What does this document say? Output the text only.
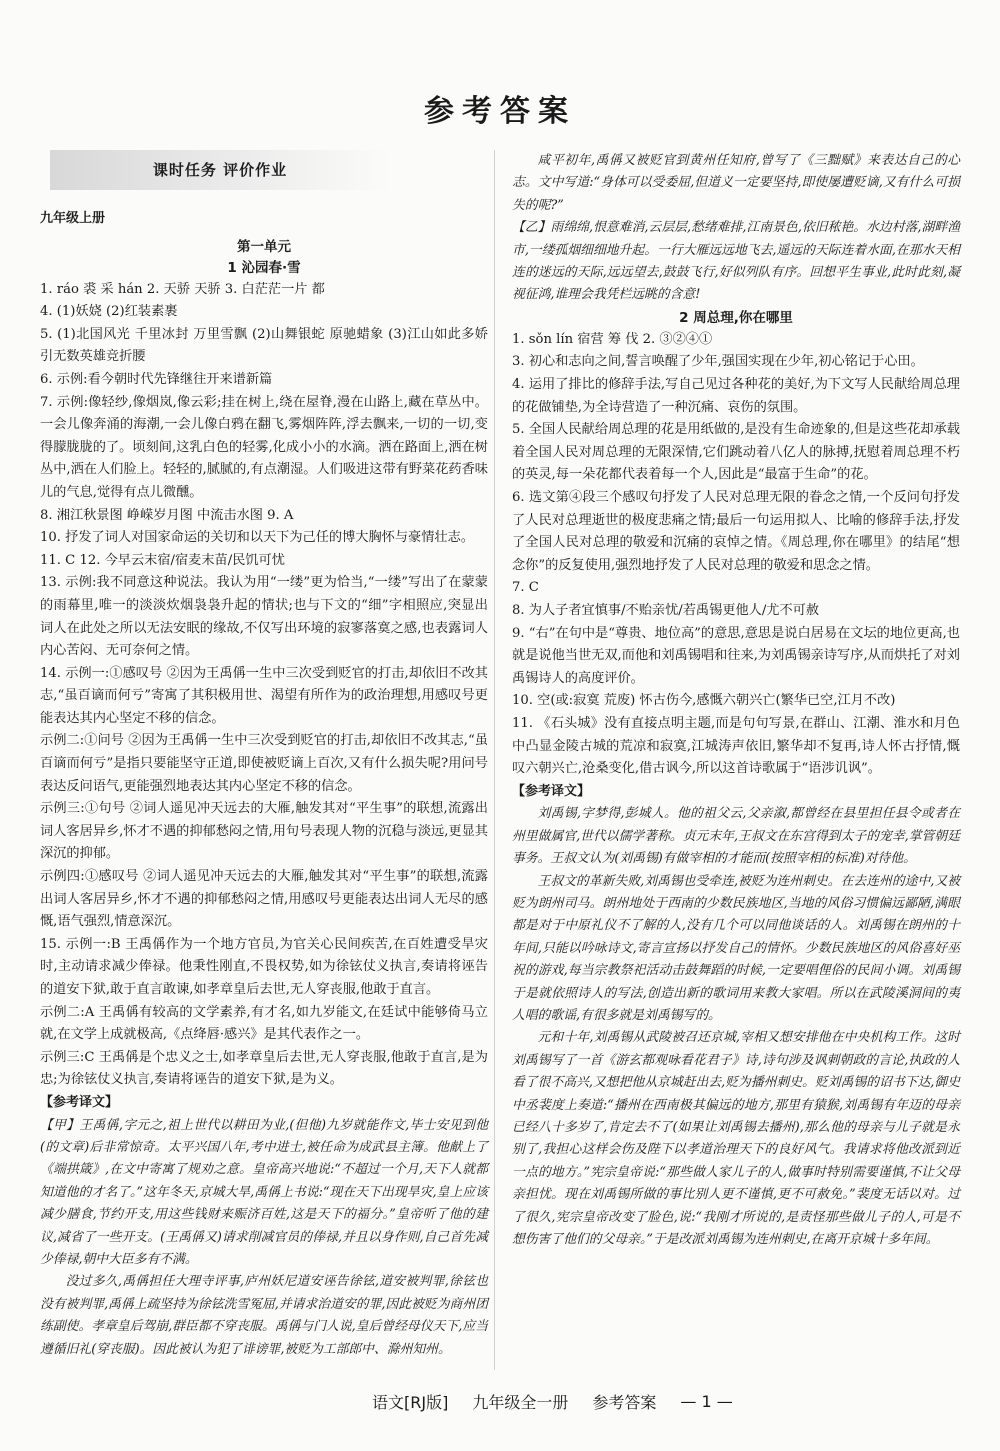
参考答案
课时任务 评价作业
九年级上册
第一单元
1 沁园春·雪
1. ráo 裘 采 hán 2. 天骄 天骄 3. 白茫茫一片 都
4. (1)妖娆 (2)红装素裹
5. (1)北国风光 千里冰封 万里雪飘 (2)山舞银蛇 原驰蜡象 (3)江山如此多娇 引无数英雄竞折腰
6. 示例:看今朝时代先锋继往开来谱新篇
7. 示例:像轻纱,像烟岚,像云彩;挂在树上,绕在屋脊,漫在山路上,藏在草丛中。一会儿像奔涌的海潮,一会儿像白鸦在翻飞,雾烟阵阵,浮去飘来,一切的一切,变得朦胧胧的了。顷刻间,这乳白色的轻雾,化成小小的水滴。洒在路面上,洒在树丛中,洒在人们脸上。轻轻的,腻腻的,有点潮湿。人们吸进这带有野菜花药香味儿的气息,觉得有点儿微醺。
8. 湘江秋景图 峥嵘岁月图 中流击水图 9. A
10. 抒发了词人对国家命运的关切和以天下为己任的博大胸怀与豪情壮志。
11. C 12. 今早云末宿/宿麦末苗/民饥可忧
13. 示例:我不同意这种说法。我认为用“一缕”更为恰当,“一缕”写出了在蒙蒙的雨幕里,唯一的淡淡炊烟袅袅升起的情状;也与下文的“细”字相照应,突显出词人在此处之所以无法安眠的缘故,不仅写出环境的寂寥落寞之感,也表露词人内心苦闷、无可奈何之情。
14. 示例一:①感叹号 ②因为王禹偁一生中三次受到贬官的打击,却依旧不改其志,“虽百谪而何亏”寄寓了其积极用世、渴望有所作为的政治理想,用感叹号更能表达其内心坚定不移的信念。
示例二:①问号 ②因为王禹偁一生中三次受到贬官的打击,却依旧不改其志,“虽百谪而何亏”是指只要能坚守正道,即使被贬谪上百次,又有什么损失呢?用问号表达反问语气,更能强烈地表达其内心坚定不移的信念。
示例三:①句号 ②词人遥见冲天远去的大雁,触发其对“平生事”的联想,流露出词人客居异乡,怀才不遇的抑郁愁闷之情,用句号表现人物的沉稳与淡远,更显其深沉的抑郁。
示例四:①感叹号 ②词人遥见冲天远去的大雁,触发其对“平生事”的联想,流露出词人客居异乡,怀才不遇的抑郁愁闷之情,用感叹号更能表达出词人无尽的感慨,语气强烈,情意深沉。
15. 示例一:B 王禹偁作为一个地方官员,为官关心民间疾苦,在百姓遭受旱灾时,主动请求减少俸禄。他秉性刚直,不畏权势,如为徐铉仗义执言,奏请将诬告的道安下狱,敢于直言敢谏,如孝章皇后去世,无人穿丧服,他敢于直言。
示例二:A 王禹偁有较高的文学素养,有才名,如九岁能文,在廷试中能够倚马立就,在文学上成就极高,《点绛唇·感兴》是其代表作之一。
示例三:C 王禹偁是个忠义之士,如孝章皇后去世,无人穿丧服,他敢于直言,是为忠;为徐铉仗义执言,奏请将诬告的道安下狱,是为义。
【参考译文】
【甲】王禹偁,字元之,祖上世代以耕田为业,(但他)九岁就能作文,毕士安见到他(的文章)后非常惊奇。太平兴国八年,考中进士,被任命为成武县主簿。他献上了《端拱箴》,在文中寄寓了规劝之意。皇帝高兴地说:“不超过一个月,天下人就都知道他的才名了。”这年冬天,京城大旱,禹偁上书说:“现在天下出现旱灾,皇上应该减少膳食,节约开支,用这些钱财来赈济百姓,这是天下的福分。”皇帝听了他的建议,减省了一些开支。(王禹偁又)请求削减官员的俸禄,并且以身作则,自己首先减少俸禄,朝中大臣多有不满。
没过多久,禹偁担任大理寺评事,庐州妖尼道安诬告徐铉,道安被判罪,徐铉也没有被判罪,禹偁上疏坚持为徐铉洗雪冤屈,并请求治道安的罪,因此被贬为商州团练副使。孝章皇后驾崩,群臣都不穿丧服。禹偁与门人说,皇后曾经母仪天下,应当遵循旧礼(穿丧服)。因此被认为犯了诽谤罪,被贬为工部郎中、滁州知州。
咸平初年,禹偁又被贬官到黄州任知府,曾写了《三黜赋》来表达自己的心志。文中写道:“身体可以受委屈,但道义一定要坚持,即使屡遭贬谪,又有什么可损失的呢?”
【乙】雨绵绵,恨意难消,云层层,愁绪难排,江南景色,依旧秾艳。水边村落,湖畔渔市,一缕孤烟细细地升起。一行大雁远远地飞去,遥远的天际连着水面,在那水天相连的迷远的天际,远远望去,鼓鼓飞行,好似列队有序。回想平生事业,此时此刻,凝视征鸿,谁理会我凭栏远眺的含意!
2 周总理,你在哪里
1. sǒn lín 宿营 筹 伐 2. ③②④①
3. 初心和志向之间,誓言唤醒了少年,强国实现在少年,初心铭记于心田。
4. 运用了排比的修辞手法,写自己见过各种花的美好,为下文写人民献给周总理的花做铺垫,为全诗营造了一种沉痛、哀伤的氛围。
5. 全国人民献给周总理的花是用纸做的,是没有生命迹象的,但是这些花却承载着全国人民对周总理的无限深情,它们跳动着八亿人的脉搏,抚慰着周总理不朽的英灵,每一朵花都代表着每一个人,因此是“最富于生命”的花。
6. 选文第④段三个感叹句抒发了人民对总理无限的眷念之情,一个反问句抒发了人民对总理逝世的极度悲痛之情;最后一句运用拟人、比喻的修辞手法,抒发了全国人民对总理的敬爱和沉痛的哀悼之情。《周总理,你在哪里》的结尾“想念你”的反复使用,强烈地抒发了人民对总理的敬爱和思念之情。
7. C
8. 为人子者宜慎事/不贻亲忧/若禹锡更他人/尤不可赦
9. “右”在句中是“尊贵、地位高”的意思,意思是说白居易在文坛的地位更高,也就是说他当世无双,而他和刘禹锡唱和往来,为刘禹锡亲诗写序,从而烘托了对刘禹锡诗人的高度评价。
10. 空(或:寂寞 荒废) 怀古伤今,感慨六朝兴亡(繁华已空,江月不改)
11. 《石头城》没有直接点明主题,而是句句写景,在群山、江潮、淮水和月色中凸显金陵古城的荒凉和寂寞,江城涛声依旧,繁华却不复再,诗人怀古抒情,慨叹六朝兴亡,沧桑变化,借古讽今,所以这首诗歌属于“语涉讥讽”。
【参考译文】
刘禹锡,字梦得,彭城人。他的祖父云,父亲溆,都曾经在县里担任县令或者在州里做属官,世代以儒学著称。贞元末年,王叔文在东宫得到太子的宠幸,掌管朝廷事务。王叔文认为(刘禹锡)有做宰相的才能而(按照宰相的标准)对待他。
王叔文的革新失败,刘禹锡也受牵连,被贬为连州刺史。在去连州的途中,又被贬为朗州司马。朗州地处于西南的少数民族地区,当地的风俗习惯偏远鄙陋,满眼都是对于中原礼仪不了解的人,没有几个可以同他谈话的人。刘禹锡在朗州的十年间,只能以吟咏诗文,寄言宣扬以抒发自己的情怀。少数民族地区的风俗喜好巫祝的游戏,每当宗教祭祀活动击鼓舞蹈的时候,一定要唱俚俗的民间小调。刘禹锡于是就依照诗人的写法,创造出新的歌词用来教大家唱。所以在武陵溪洞间的夷人唱的歌谣,有很多就是刘禹锡写的。
元和十年,刘禹锡从武陵被召还京城,宰相又想安排他在中央机构工作。这时刘禹锡写了一首《游玄都观咏看花君子》诗,诗句涉及讽刺朝政的言论,执政的人看了很不高兴,又想把他从京城赶出去,贬为播州刺史。贬刘禹锡的诏书下达,御史中丞裴度上奏道:“播州在西南极其偏远的地方,那里有猿猴,刘禹锡有年迈的母亲已经八十多岁了,肯定去不了(如果让刘禹锡去播州),那么他的母亲与儿子就是永别了,我担心这样会伤及陛下以孝道治理天下的良好风气。我请求将他改派到近一点的地方。”宪宗皇帝说:“那些做人家儿子的人,做事时特别需要谨慎,不让父母亲担忧。现在刘禹锡所做的事比别人更不谨慎,更不可赦免。”裴度无话以对。过了很久,宪宗皇帝改变了脸色,说:“我刚才所说的,是责怪那些做儿子的人,可是不想伤害了他们的父母亲。”于是改派刘禹锡为连州刺史,在离开京城十多年间。
语文[RJ版] 九年级全一册 参考答案 — 1 —
